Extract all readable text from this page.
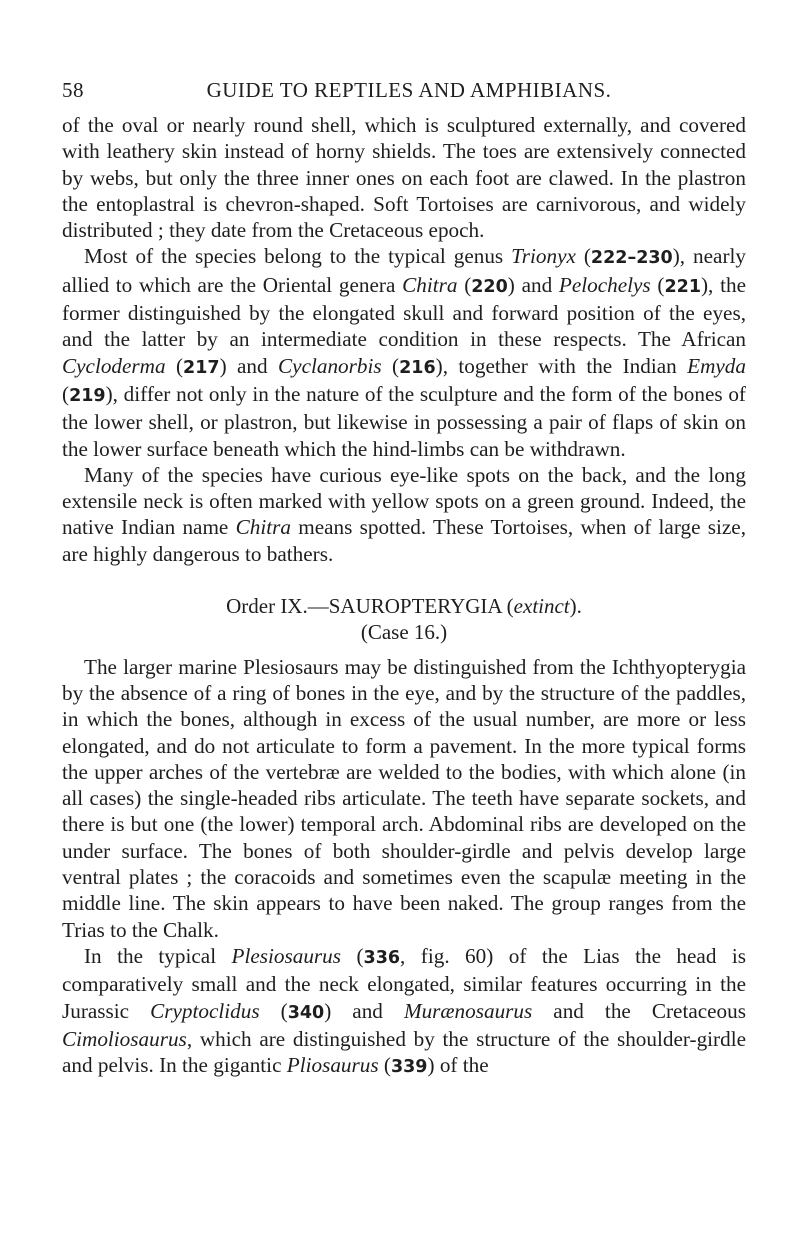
58	GUIDE TO REPTILES AND AMPHIBIANS.

of the oval or nearly round shell, which is sculptured externally, and covered with leathery skin instead of horny shields. The toes are extensively connected by webs, but only the three inner ones on each foot are clawed. In the plastron the entoplastral is chevron-shaped. Soft Tortoises are carnivorous, and widely distributed ; they date from the Cretaceous epoch.

Most of the species belong to the typical genus Trionyx (222–230), nearly allied to which are the Oriental genera Chitra (220) and Pelochelys (221), the former distinguished by the elongated skull and forward position of the eyes, and the latter by an intermediate condition in these respects. The African Cycloderma (217) and Cyclanorbis (216), together with the Indian Emyda (219), differ not only in the nature of the sculpture and the form of the bones of the lower shell, or plastron, but likewise in possessing a pair of flaps of skin on the lower surface beneath which the hind-limbs can be withdrawn.

Many of the species have curious eye-like spots on the back, and the long extensile neck is often marked with yellow spots on a green ground. Indeed, the native Indian name Chitra means spotted. These Tortoises, when of large size, are highly dangerous to bathers.

Order IX.—SAUROPTERYGIA (extinct).

(Case 16.)

The larger marine Plesiosaurs may be distinguished from the Ichthyopterygia by the absence of a ring of bones in the eye, and by the structure of the paddles, in which the bones, although in excess of the usual number, are more or less elongated, and do not articulate to form a pavement. In the more typical forms the upper arches of the vertebræ are welded to the bodies, with which alone (in all cases) the single-headed ribs articulate. The teeth have separate sockets, and there is but one (the lower) temporal arch. Abdominal ribs are developed on the under surface. The bones of both shoulder-girdle and pelvis develop large ventral plates ; the coracoids and sometimes even the scapulæ meeting in the middle line. The skin appears to have been naked. The group ranges from the Trias to the Chalk.

In the typical Plesiosaurus (336, fig. 60) of the Lias the head is comparatively small and the neck elongated, similar features occurring in the Jurassic Cryptoclidus (340) and Murænosaurus and the Cretaceous Cimoliosaurus, which are distinguished by the structure of the shoulder-girdle and pelvis. In the gigantic Pliosaurus (339) of the
